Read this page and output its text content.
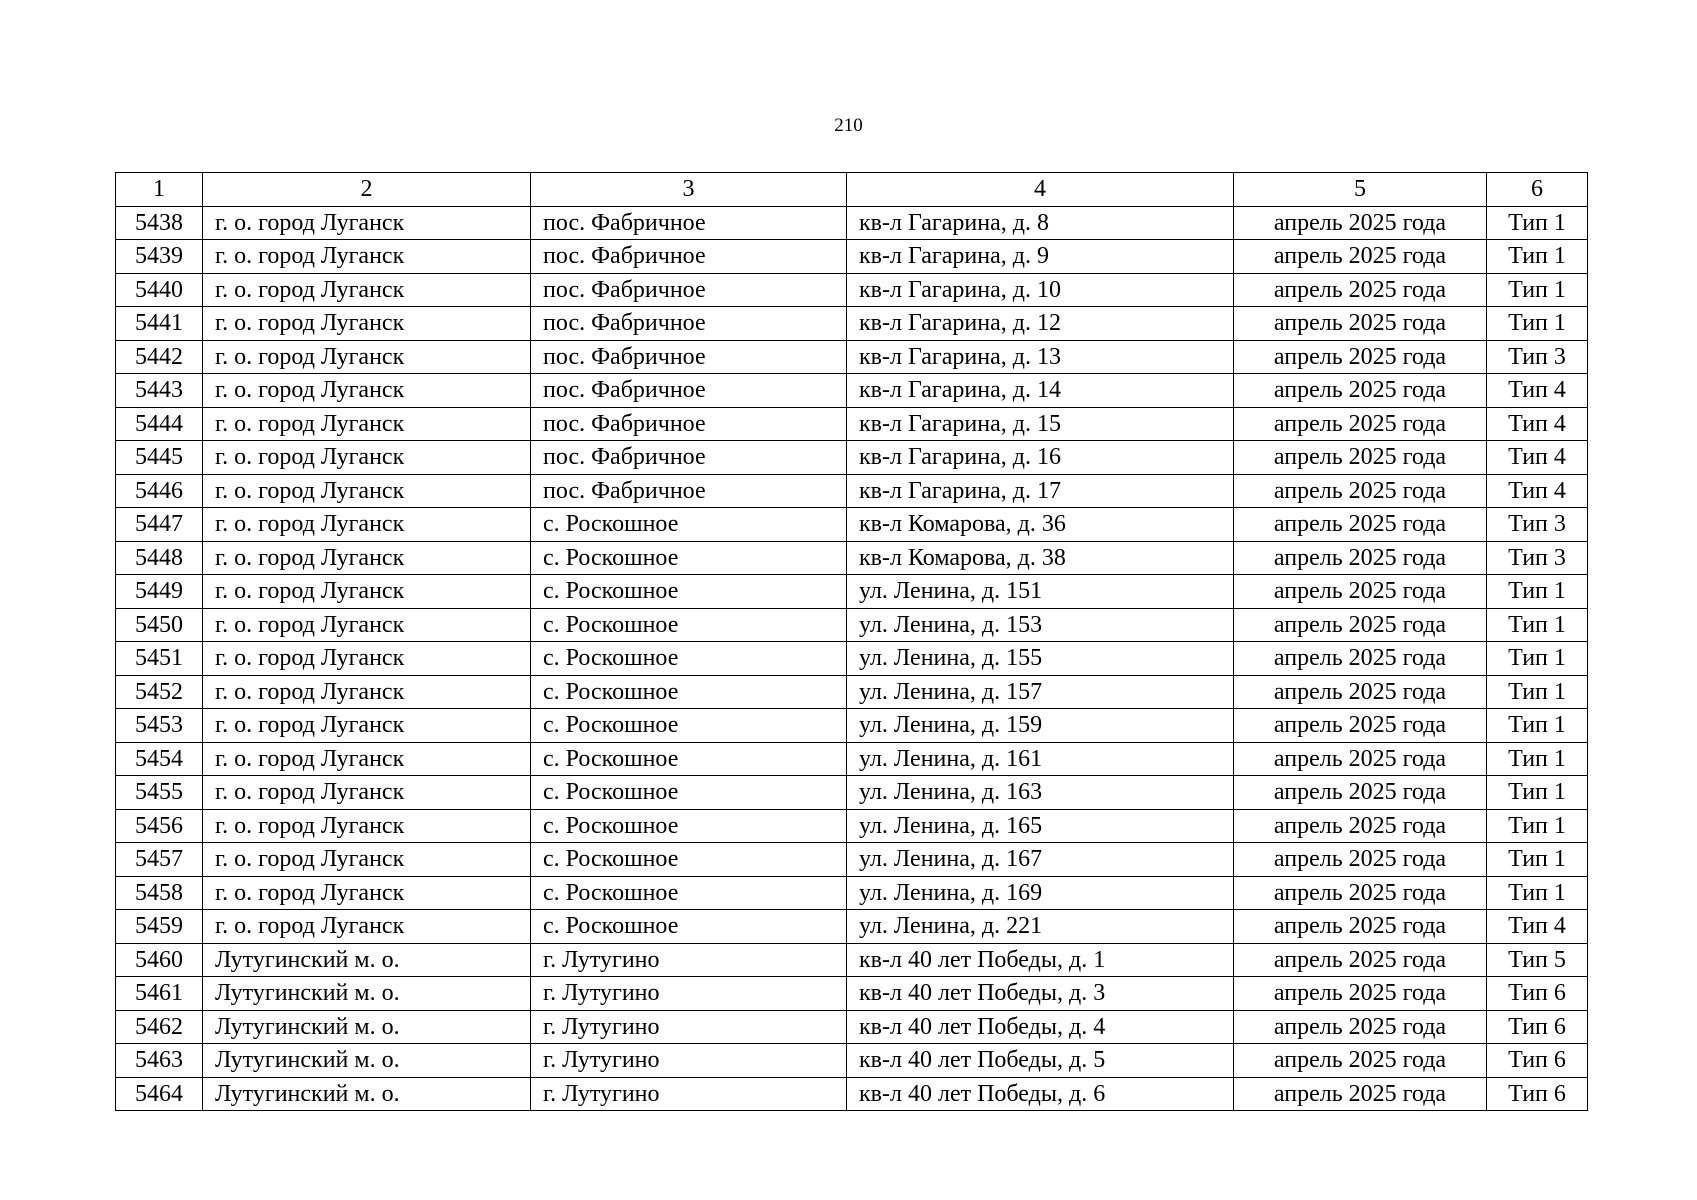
210
1	2	3	4	5	6
5438	г. о. город Луганск	пос. Фабричное	кв-л Гагарина, д. 8	апрель 2025 года	Тип 1
5439	г. о. город Луганск	пос. Фабричное	кв-л Гагарина, д. 9	апрель 2025 года	Тип 1
5440	г. о. город Луганск	пос. Фабричное	кв-л Гагарина, д. 10	апрель 2025 года	Тип 1
5441	г. о. город Луганск	пос. Фабричное	кв-л Гагарина, д. 12	апрель 2025 года	Тип 1
5442	г. о. город Луганск	пос. Фабричное	кв-л Гагарина, д. 13	апрель 2025 года	Тип 3
5443	г. о. город Луганск	пос. Фабричное	кв-л Гагарина, д. 14	апрель 2025 года	Тип 4
5444	г. о. город Луганск	пос. Фабричное	кв-л Гагарина, д. 15	апрель 2025 года	Тип 4
5445	г. о. город Луганск	пос. Фабричное	кв-л Гагарина, д. 16	апрель 2025 года	Тип 4
5446	г. о. город Луганск	пос. Фабричное	кв-л Гагарина, д. 17	апрель 2025 года	Тип 4
5447	г. о. город Луганск	с. Роскошное	кв-л Комарова, д. 36	апрель 2025 года	Тип 3
5448	г. о. город Луганск	с. Роскошное	кв-л Комарова, д. 38	апрель 2025 года	Тип 3
5449	г. о. город Луганск	с. Роскошное	ул. Ленина, д. 151	апрель 2025 года	Тип 1
5450	г. о. город Луганск	с. Роскошное	ул. Ленина, д. 153	апрель 2025 года	Тип 1
5451	г. о. город Луганск	с. Роскошное	ул. Ленина, д. 155	апрель 2025 года	Тип 1
5452	г. о. город Луганск	с. Роскошное	ул. Ленина, д. 157	апрель 2025 года	Тип 1
5453	г. о. город Луганск	с. Роскошное	ул. Ленина, д. 159	апрель 2025 года	Тип 1
5454	г. о. город Луганск	с. Роскошное	ул. Ленина, д. 161	апрель 2025 года	Тип 1
5455	г. о. город Луганск	с. Роскошное	ул. Ленина, д. 163	апрель 2025 года	Тип 1
5456	г. о. город Луганск	с. Роскошное	ул. Ленина, д. 165	апрель 2025 года	Тип 1
5457	г. о. город Луганск	с. Роскошное	ул. Ленина, д. 167	апрель 2025 года	Тип 1
5458	г. о. город Луганск	с. Роскошное	ул. Ленина, д. 169	апрель 2025 года	Тип 1
5459	г. о. город Луганск	с. Роскошное	ул. Ленина, д. 221	апрель 2025 года	Тип 4
5460	Лутугинский м. о.	г. Лутугино	кв-л 40 лет Победы, д. 1	апрель 2025 года	Тип 5
5461	Лутугинский м. о.	г. Лутугино	кв-л 40 лет Победы, д. 3	апрель 2025 года	Тип 6
5462	Лутугинский м. о.	г. Лутугино	кв-л 40 лет Победы, д. 4	апрель 2025 года	Тип 6
5463	Лутугинский м. о.	г. Лутугино	кв-л 40 лет Победы, д. 5	апрель 2025 года	Тип 6
5464	Лутугинский м. о.	г. Лутугино	кв-л 40 лет Победы, д. 6	апрель 2025 года	Тип 6
